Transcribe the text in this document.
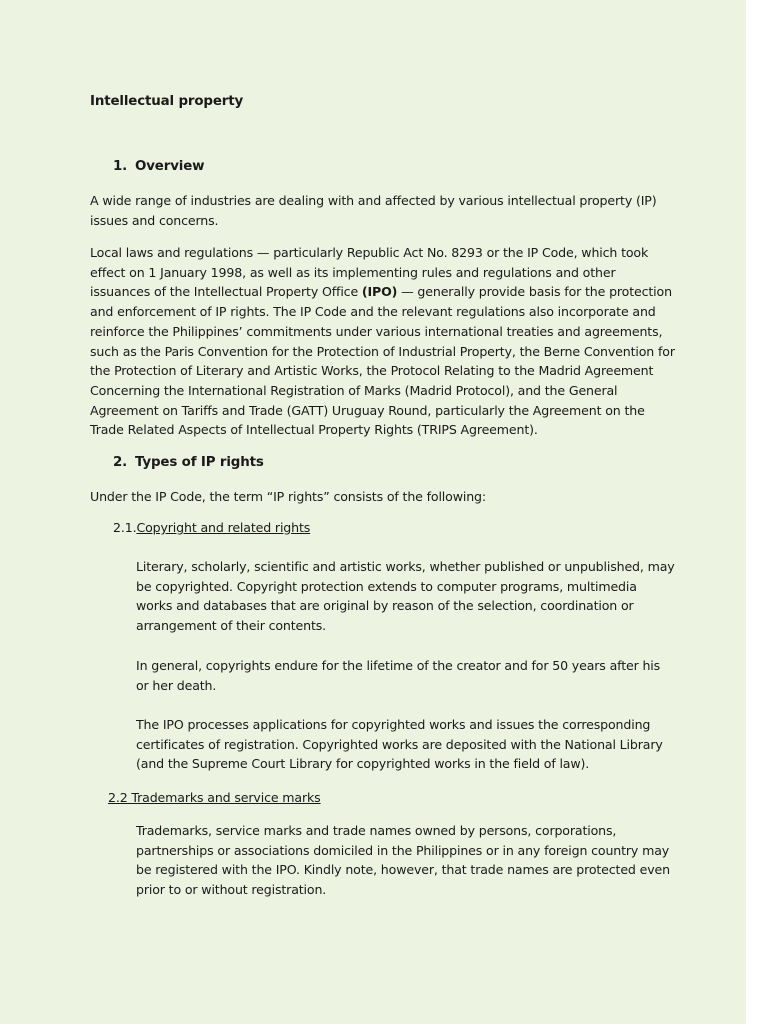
Intellectual property
1. Overview

A wide range of industries are dealing with and affected by various intellectual property (IP) issues and concerns.

Local laws and regulations — particularly Republic Act No. 8293 or the IP Code, which took effect on 1 January 1998, as well as its implementing rules and regulations and other issuances of the Intellectual Property Office (IPO) — generally provide basis for the protection and enforcement of IP rights. The IP Code and the relevant regulations also incorporate and reinforce the Philippines’ commitments under various international treaties and agreements, such as the Paris Convention for the Protection of Industrial Property, the Berne Convention for the Protection of Literary and Artistic Works, the Protocol Relating to the Madrid Agreement Concerning the International Registration of Marks (Madrid Protocol), and the General Agreement on Tariffs and Trade (GATT) Uruguay Round, particularly the Agreement on the Trade Related Aspects of Intellectual Property Rights (TRIPS Agreement).

2. Types of IP rights

Under the IP Code, the term “IP rights” consists of the following:

2.1.Copyright and related rights

Literary, scholarly, scientific and artistic works, whether published or unpublished, may be copyrighted. Copyright protection extends to computer programs, multimedia works and databases that are original by reason of the selection, coordination or arrangement of their contents.

In general, copyrights endure for the lifetime of the creator and for 50 years after his or her death.

The IPO processes applications for copyrighted works and issues the corresponding certificates of registration. Copyrighted works are deposited with the National Library (and the Supreme Court Library for copyrighted works in the field of law).

2.2 Trademarks and service marks

Trademarks, service marks and trade names owned by persons, corporations, partnerships or associations domiciled in the Philippines or in any foreign country may be registered with the IPO. Kindly note, however, that trade names are protected even prior to or without registration.
